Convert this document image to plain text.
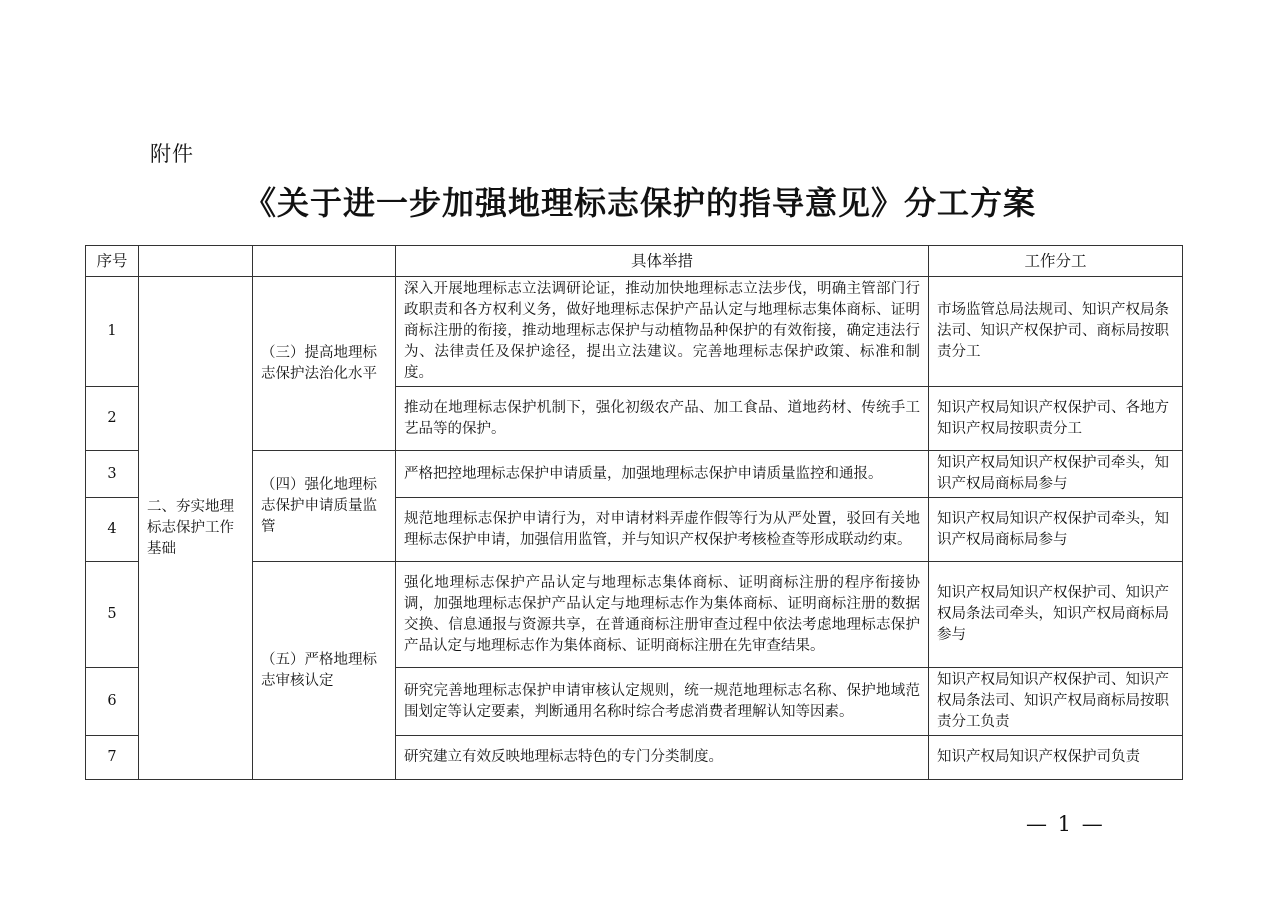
附件
《关于进一步加强地理标志保护的指导意见》分工方案
序号			具体举措	工作分工
1	二、夯实地理标志保护工作基础	（三）提高地理标志保护法治化水平	深入开展地理标志立法调研论证，推动加快地理标志立法步伐，明确主管部门行政职责和各方权利义务，做好地理标志保护产品认定与地理标志集体商标、证明商标注册的衔接，推动地理标志保护与动植物品种保护的有效衔接，确定违法行为、法律责任及保护途径，提出立法建议。完善地理标志保护政策、标准和制度。	市场监管总局法规司、知识产权局条法司、知识产权保护司、商标局按职责分工
2			推动在地理标志保护机制下，强化初级农产品、加工食品、道地药材、传统手工艺品等的保护。	知识产权局知识产权保护司、各地方知识产权局按职责分工
3		（四）强化地理标志保护申请质量监管	严格把控地理标志保护申请质量，加强地理标志保护申请质量监控和通报。	知识产权局知识产权保护司牵头，知识产权局商标局参与
4			规范地理标志保护申请行为，对申请材料弄虚作假等行为从严处置，驳回有关地理标志保护申请，加强信用监管，并与知识产权保护考核检查等形成联动约束。	知识产权局知识产权保护司牵头，知识产权局商标局参与
5		（五）严格地理标志审核认定	强化地理标志保护产品认定与地理标志集体商标、证明商标注册的程序衔接协调，加强地理标志保护产品认定与地理标志作为集体商标、证明商标注册的数据交换、信息通报与资源共享，在普通商标注册审查过程中依法考虑地理标志保护产品认定与地理标志作为集体商标、证明商标注册在先审查结果。	知识产权局知识产权保护司、知识产权局条法司牵头，知识产权局商标局参与
6			研究完善地理标志保护申请审核认定规则，统一规范地理标志名称、保护地域范围划定等认定要素，判断通用名称时综合考虑消费者理解认知等因素。	知识产权局知识产权保护司、知识产权局条法司、知识产权局商标局按职责分工负责
7			研究建立有效反映地理标志特色的专门分类制度。	知识产权局知识产权保护司负责
— 1 —
